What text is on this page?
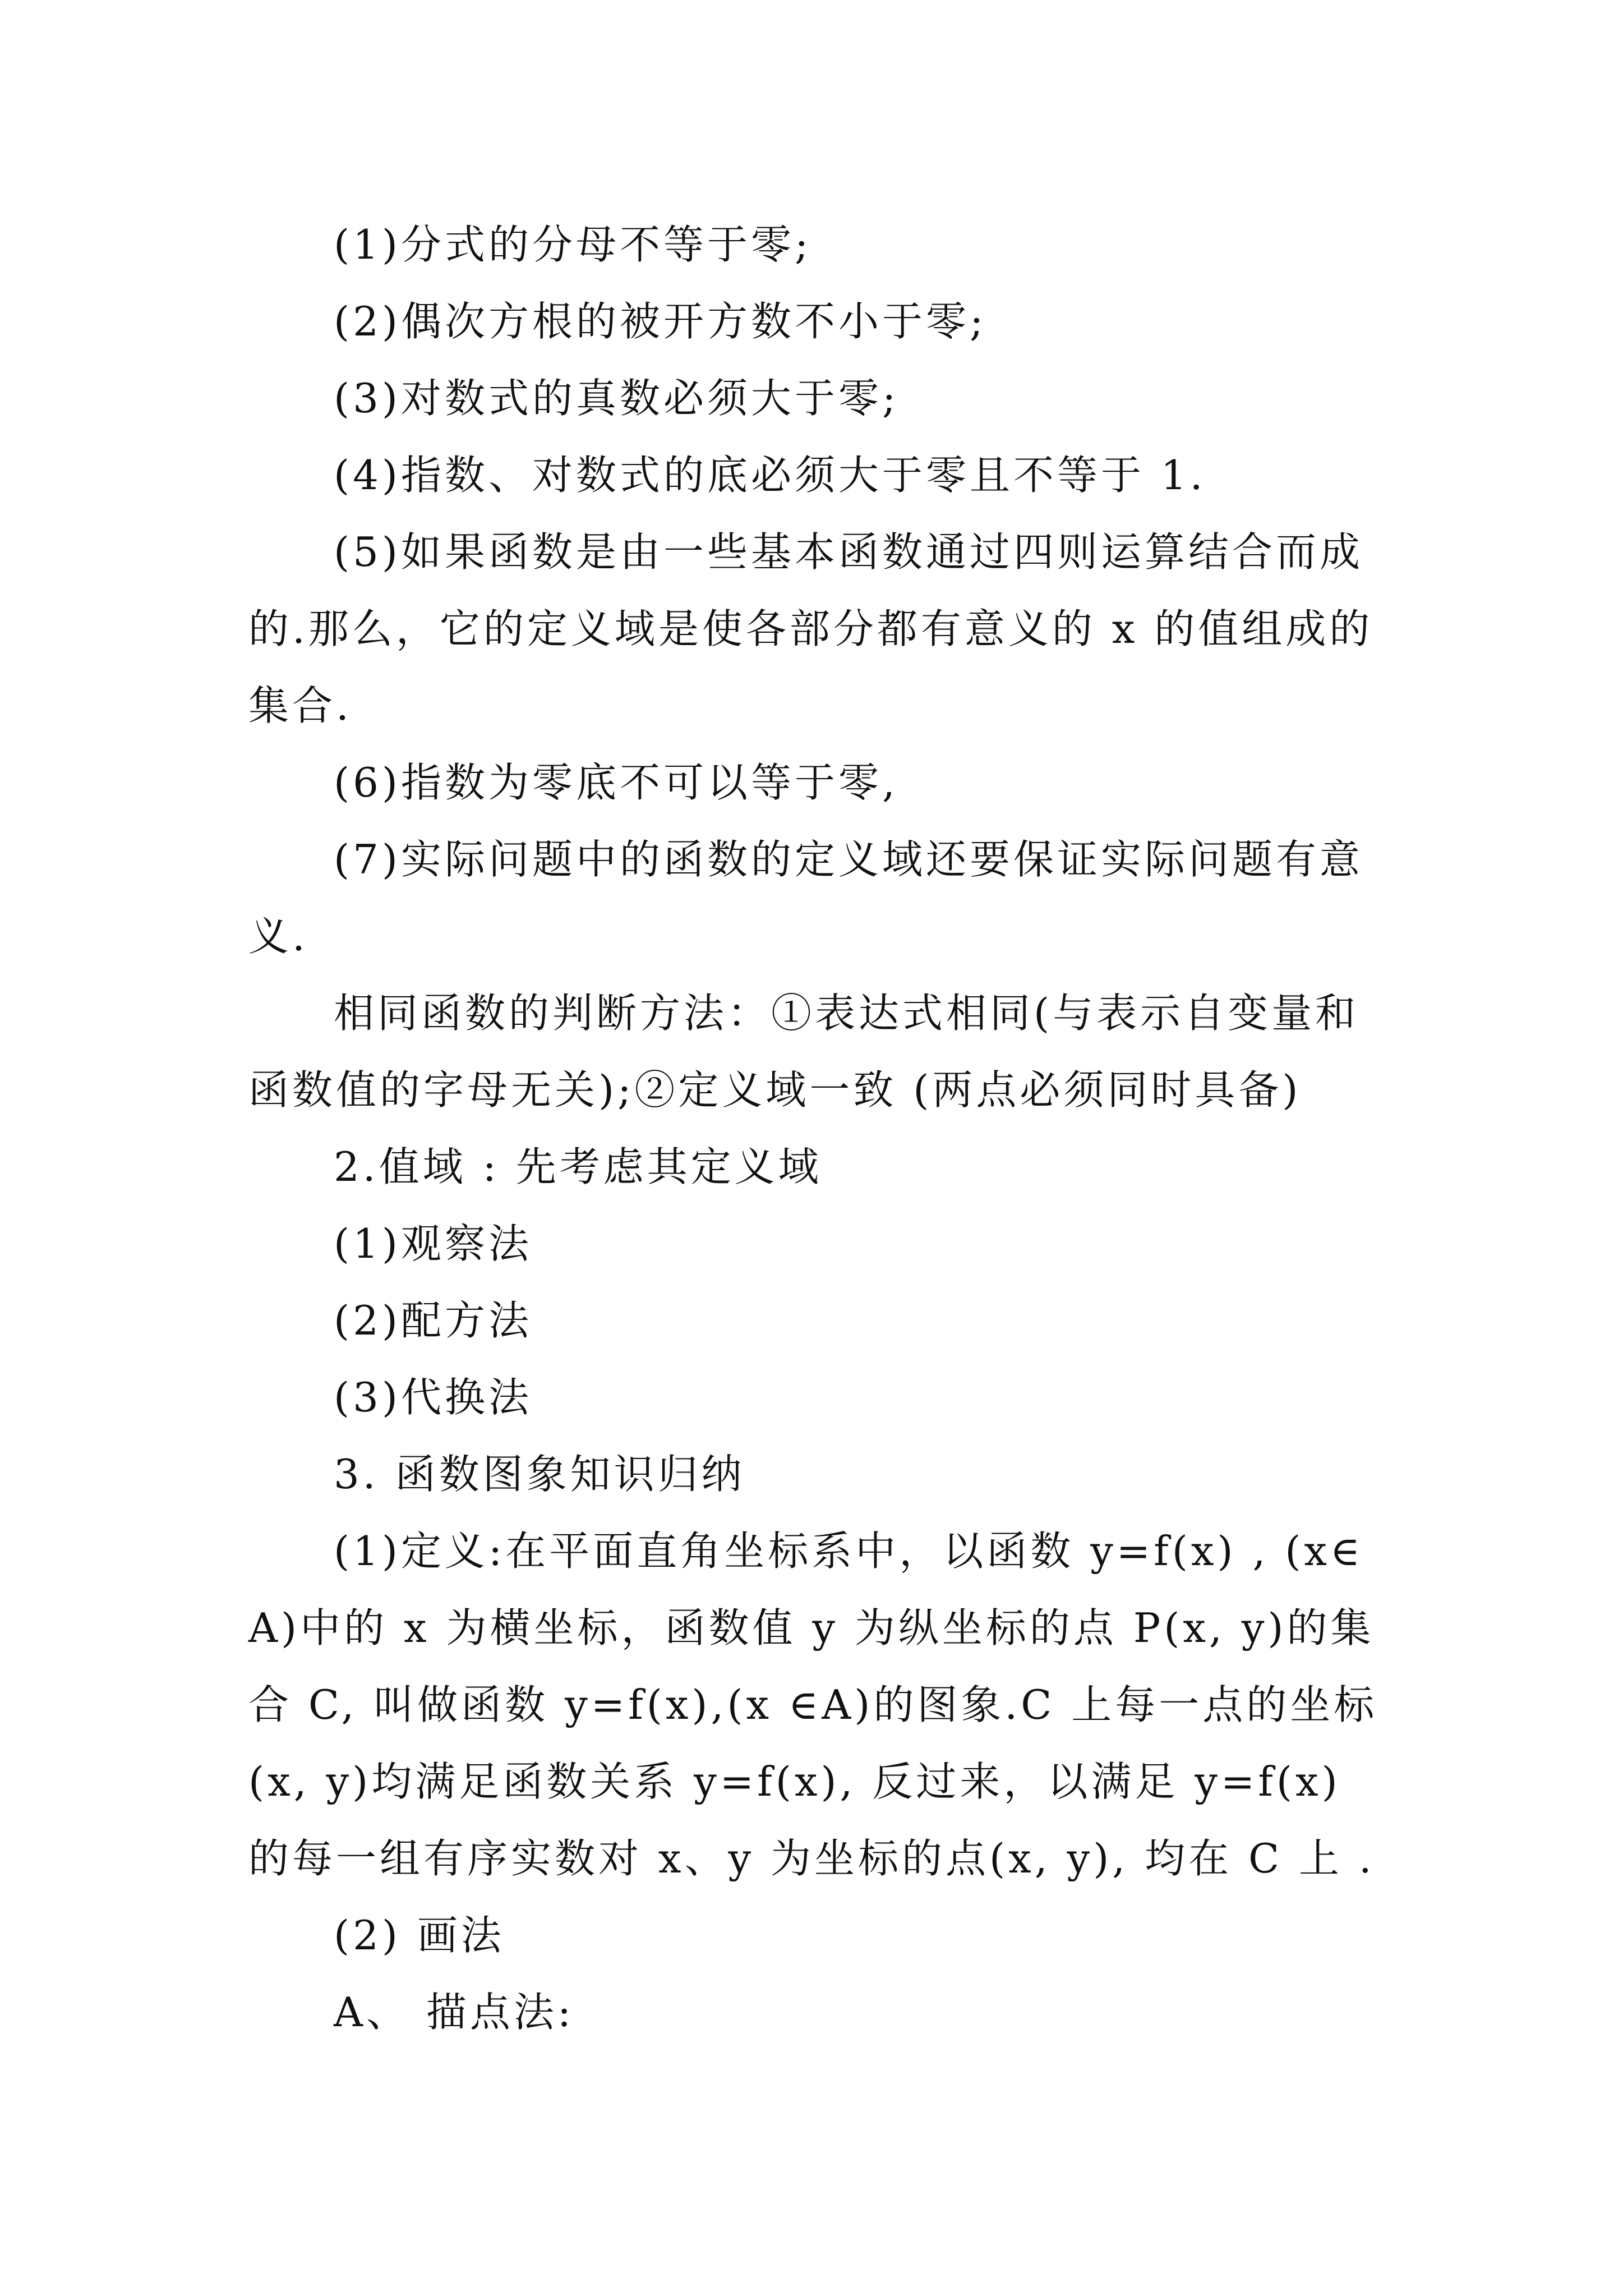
(1)分式的分母不等于零;

(2)偶次方根的被开方数不小于零;

(3)对数式的真数必须大于零;

(4)指数、对数式的底必须大于零且不等于 1.

(5)如果函数是由一些基本函数通过四则运算结合而成的.那么，它的定义域是使各部分都有意义的 x 的值组成的集合.

(6)指数为零底不可以等于零,

(7)实际问题中的函数的定义域还要保证实际问题有意义.

相同函数的判断方法：①表达式相同(与表示自变量和函数值的字母无关);②定义域一致 (两点必须同时具备)

2.值域 : 先考虑其定义域

(1)观察法

(2)配方法

(3)代换法

3. 函数图象知识归纳

(1)定义:在平面直角坐标系中，以函数 y=f(x) , (x∈A)中的 x 为横坐标，函数值 y 为纵坐标的点 P(x, y)的集合 C, 叫做函数 y=f(x),(x ∈A)的图象.C 上每一点的坐标(x, y)均满足函数关系 y=f(x), 反过来，以满足 y=f(x)的每一组有序实数对 x、y 为坐标的点(x, y), 均在 C 上 .

(2) 画法

A、 描点法:
